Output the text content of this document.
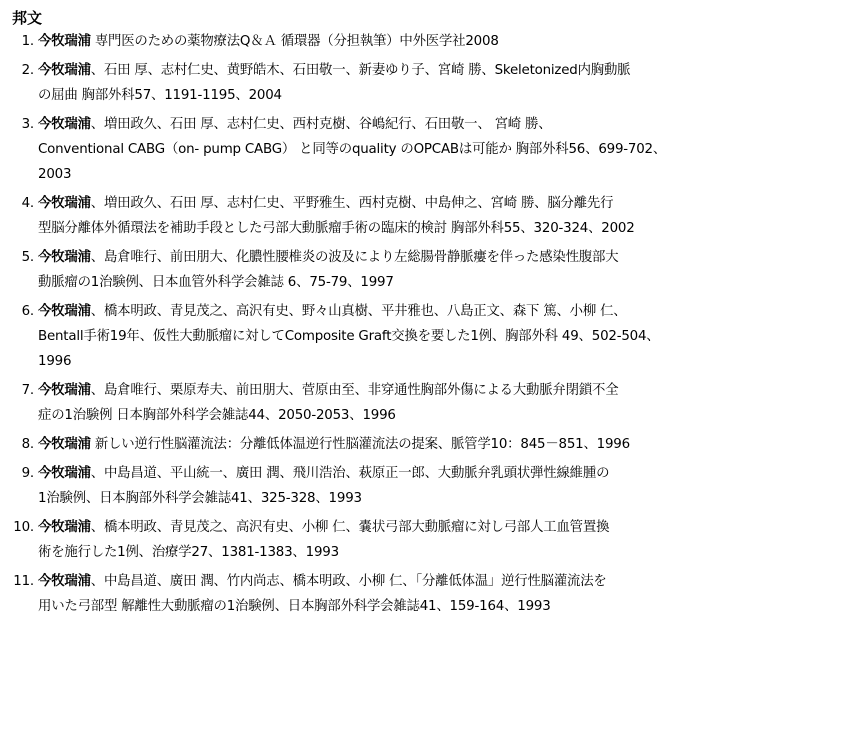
邦文
1. 今牧瑞浦 専門医のための薬物療法Q＆Ａ 循環器（分担執筆）中外医学社2008
2. 今牧瑞浦、石田 厚、志村仁史、黄野皓木、石田敬一、新妻ゆり子、宮崎 勝、Skeletonized内胸動脈
の屈曲 胸部外科57、1191-1195、2004
3. 今牧瑞浦、増田政久、石田 厚、志村仁史、西村克樹、谷嶋紀行、石田敬一、 宮崎 勝、
Conventional CABG（on- pump CABG） と同等のquality のOPCABは可能か 胸部外科56、699-702、
2003
4. 今牧瑞浦、増田政久、石田 厚、志村仁史、平野雅生、西村克樹、中島伸之、宮崎 勝、脳分離先行
型脳分離体外循環法を補助手段とした弓部大動脈瘤手術の臨床的検討 胸部外科55、320-324、2002
5. 今牧瑞浦、島倉唯行、前田朋大、化膿性腰椎炎の波及により左総腸骨静脈瘻を伴った感染性腹部大
動脈瘤の1治験例、日本血管外科学会雑誌 6、75-79、1997
6. 今牧瑞浦、橋本明政、青見茂之、高沢有史、野々山真樹、平井雅也、八島正文、森下 篤、小柳 仁、
Bentall手術19年、仮性大動脈瘤に対してComposite Graft交換を要した1例、胸部外科 49、502-504、
1996
7. 今牧瑞浦、島倉唯行、栗原寿夫、前田朋大、菅原由至、非穿通性胸部外傷による大動脈弁閉鎖不全
症の1治験例 日本胸部外科学会雑誌44、2050-2053、1996
8. 今牧瑞浦 新しい逆行性脳灌流法：分離低体温逆行性脳灌流法の提案、脈管学10：845－851、1996
9. 今牧瑞浦、中島昌道、平山統一、廣田 潤、飛川浩治、萩原正一郎、大動脈弁乳頭状弾性線維腫の
1治験例、日本胸部外科学会雑誌41、325-328、1993
10. 今牧瑞浦、橋本明政、青見茂之、高沢有史、小柳 仁、嚢状弓部大動脈瘤に対し弓部人工血管置換
術を施行した1例、治療学27、1381-1383、1993
11. 今牧瑞浦、中島昌道、廣田 潤、竹内尚志、橋本明政、小柳 仁、「分離低体温」逆行性脳灌流法を
用いた弓部型 解離性大動脈瘤の1治験例、日本胸部外科学会雑誌41、159-164、1993
